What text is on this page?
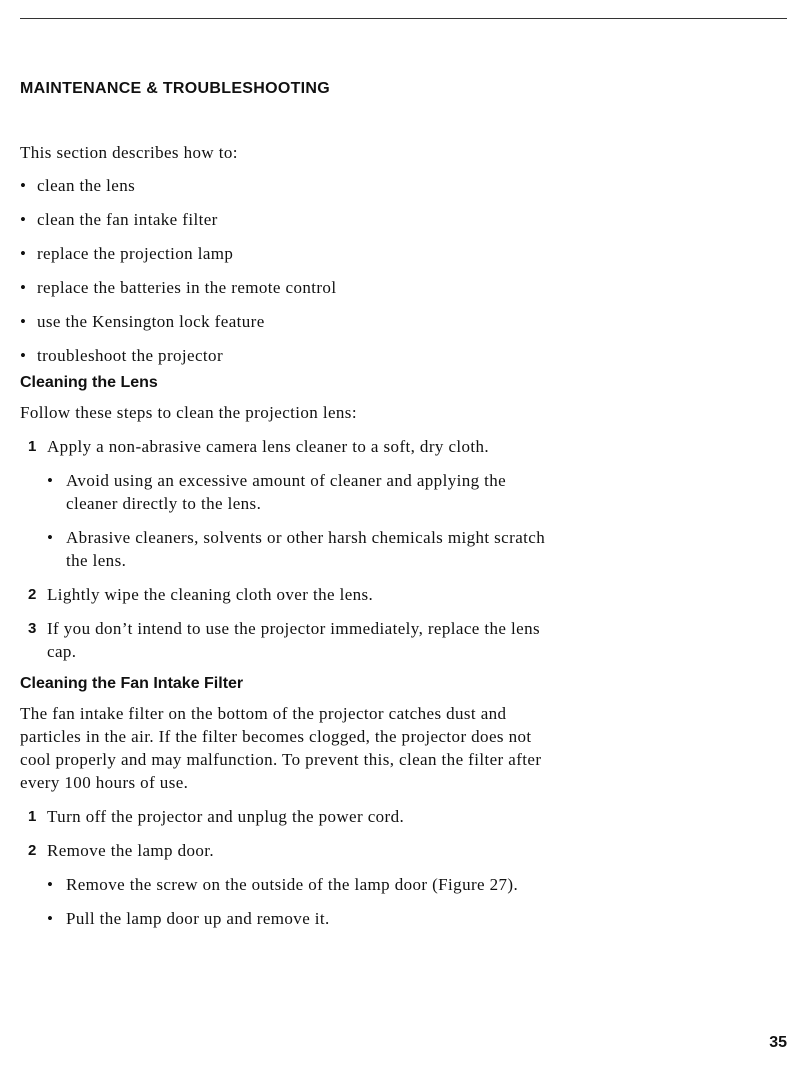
MAINTENANCE & TROUBLESHOOTING

This section describes how to:

• clean the lens
• clean the fan intake filter
• replace the projection lamp
• replace the batteries in the remote control
• use the Kensington lock feature
• troubleshoot the projector
Cleaning the Lens

Follow these steps to clean the projection lens:

1 Apply a non-abrasive camera lens cleaner to a soft, dry cloth.
• Avoid using an excessive amount of cleaner and applying the cleaner directly to the lens.
• Abrasive cleaners, solvents or other harsh chemicals might scratch the lens.
2 Lightly wipe the cleaning cloth over the lens.
3 If you don’t intend to use the projector immediately, replace the lens cap.
Cleaning the Fan Intake Filter

The fan intake filter on the bottom of the projector catches dust and particles in the air. If the filter becomes clogged, the projector does not cool properly and may malfunction. To prevent this, clean the filter after every 100 hours of use.

1 Turn off the projector and unplug the power cord.
2 Remove the lamp door.
• Remove the screw on the outside of the lamp door (Figure 27).
• Pull the lamp door up and remove it.
35
